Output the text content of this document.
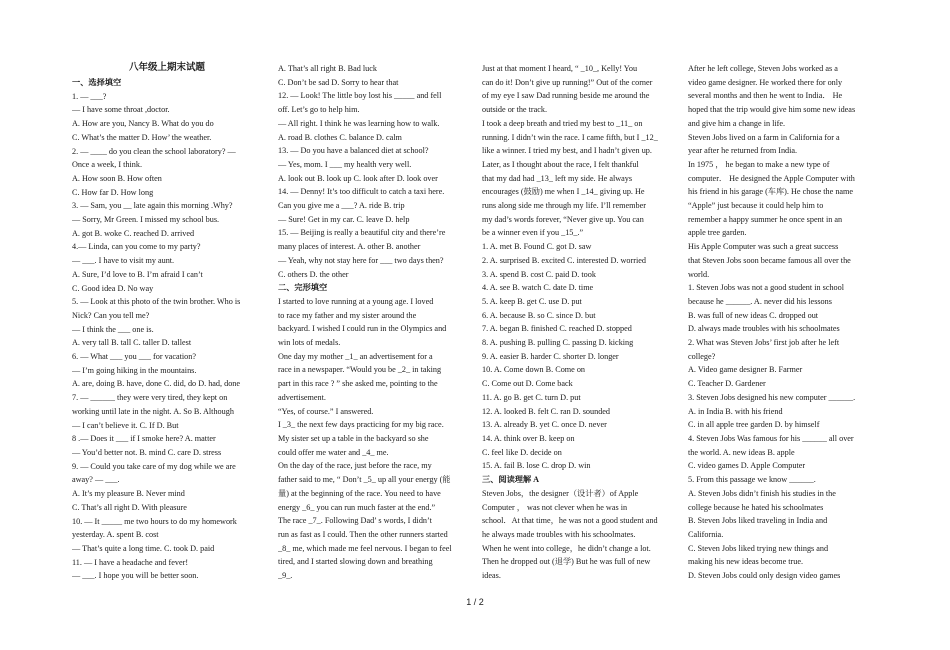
八年级上期末试题
一、选择填空
1. — ___?
— I have some throat ,doctor.
A. How are you, Nancy B. What do you do
C. What’s the matter D. How’ the weather.
2. — ____ do you clean the school laboratory? —
Once a week, I think.
A. How soon B. How often
C. How far D. How long
3. — Sam, you __ late again this morning .Why?
— Sorry, Mr Green. I missed my school bus.
A. got B. woke C. reached D. arrived
4.— Linda, can you come to my party?
— ___. I have to visit my aunt.
A. Sure, I’d love to B. I’m afraid I can’t
C. Good idea D. No way
5. — Look at this photo of the twin brother. Who is
Nick? Can you tell me?
— I think the ___ one is.
A. very tall B. tall C. taller D. tallest
6. — What ___ you ___ for vacation?
— I’m going hiking in the mountains.
A. are, doing B. have, done C. did, do D. had, done
7. — ______ they were very tired, they kept on
working until late in the night. A. So B. Although
— I can’t believe it. C. If D. But
8 .— Does it ___ if I smoke here? A. matter
— You’d better not. B. mind C. care D. stress
9. — Could you take care of my dog while we are
away? — ___.
A. It’s my pleasure B. Never mind
C. That’s all right D. With pleasure
10. — It _____ me two hours to do my homework
yesterday. A. spent B. cost
— That’s quite a long time. C. took D. paid
11. — I have a headache and fever!
— ___. I hope you will be better soon.
A. That’s all right B. Bad luck
C. Don’t be sad D. Sorry to hear that
12. — Look! The little boy lost his _____ and fell
off. Let’s go to help him.
— All right. I think he was learning how to walk.
A. road B. clothes C. balance D. calm
13. — Do you have a balanced diet at school?
— Yes, mom. I ___ my health very well.
A. look out B. look up C. look after D. look over
14. — Denny! It’s too difficult to catch a taxi here.
Can you give me a ___? A. ride B. trip
— Sure! Get in my car. C. leave D. help
15. — Beijing is really a beautiful city and there’re
many places of interest. A. other B. another
— Yeah, why not stay here for ___ two days then?
C. others D. the other
二、完形填空
I started to love running at a young age. I loved
to race my father and my sister around the
backyard. I wished I could run in the Olympics and
win lots of medals.
One day my mother _1_ an advertisement for a
race in a newspaper. “Would you be _2_ in taking
part in this race ? ” she asked me, pointing to the
advertisement.
“Yes, of course.” I answered.
I _3_ the next few days practicing for my big race.
My sister set up a table in the backyard so she
could offer me water and _4_ me.
On the day of the race, just before the race, my
father said to me, “ Don’t _5_ up all your energy (能
量) at the beginning of the race. You need to have
energy _6_ you can run much faster at the end.”
The race _7_. Following Dad’ s words, I didn’t
run as fast as I could. Then the other runners started
_8_ me, which made me feel nervous. I began to feel
tired, and I started slowing down and breathing
_9_.
Just at that moment I heard, “ _10_, Kelly! You
can do it! Don’t give up running!” Out of the corner
of my eye I saw Dad running beside me around the
outside or the track.
I took a deep breath and tried my best to _11_ on
running. I didn’t win the race. I came fifth, but I _12_
like a winner. I tried my best, and I hadn’t given up.
Later, as I thought about the race, I felt thankful
that my dad had _13_ left my side. He always
encourages (鼓励) me when I _14_ giving up. He
runs along side me through my life. I’ll remember
my dad’s words forever, “Never give up. You can
be a winner even if you _15_.”
1. A. met B. Found C. got D. saw
2. A. surprised B. excited C. interested D. worried
3. A. spend B. cost C. paid D. took
4. A. see B. watch C. date D. time
5. A. keep B. get C. use D. put
6. A. because B. so C. since D. but
7. A. began B. finished C. reached D. stopped
8. A. pushing B. pulling C. passing D. kicking
9. A. easier B. harder C. shorter D. longer
10. A. Come down B. Come on
C. Come out D. Come back
11. A. go B. get C. turn D. put
12. A. looked B. felt C. ran D. sounded
13. A. already B. yet C. once D. never
14. A. think over B. keep on
C. feel like D. decide on
15. A. fail B. lose C. drop D. win
三、阅读理解 A
Steven Jobs，the designer（设计者）of Apple
Computer ， was not clever when he was in
school．At that time，he was not a good student and
he always made troubles with his schoolmates.
When he went into college，he didn’t change a lot.
Then he dropped out (退学) But he was full of new
ideas.
After he left college, Steven Jobs worked as a
video game designer. He worked there for only
several months and then he went to India． He
hoped that the trip would give him some new ideas
and give him a change in life.
Steven Jobs lived on a farm in California for a
year after he returned from India.
In 1975 ， he began to make a new type of
computer． He designed the Apple Computer with
his friend in his garage (车库). He chose the name
“Apple” just because it could help him to
remember a happy summer he once spent in an
apple tree garden.
His Apple Computer was such a great success
that Steven Jobs soon became famous all over the
world.
1. Steven Jobs was not a good student in school
because he ______. A. never did his lessons
B. was full of new ideas C. dropped out
D. always made troubles with his schoolmates
2. What was Steven Jobs’ first job after he left
college?
A. Video game designer B. Farmer
C. Teacher D. Gardener
3. Steven Jobs designed his new computer ______.
A. in India B. with his friend
C. in all apple tree garden D. by himself
4. Steven Jobs Was famous for his ______ all over
the world. A. new ideas B. apple
C. video games D. Apple Computer
5. From this passage we know ______.
A. Steven Jobs didn’t finish his studies in the
college because he hated his schoolmates
B. Steven Jobs liked traveling in India and
California.
C. Steven Jobs liked trying new things and
making his new ideas become true.
D. Steven Jobs could only design video games
1 / 2
